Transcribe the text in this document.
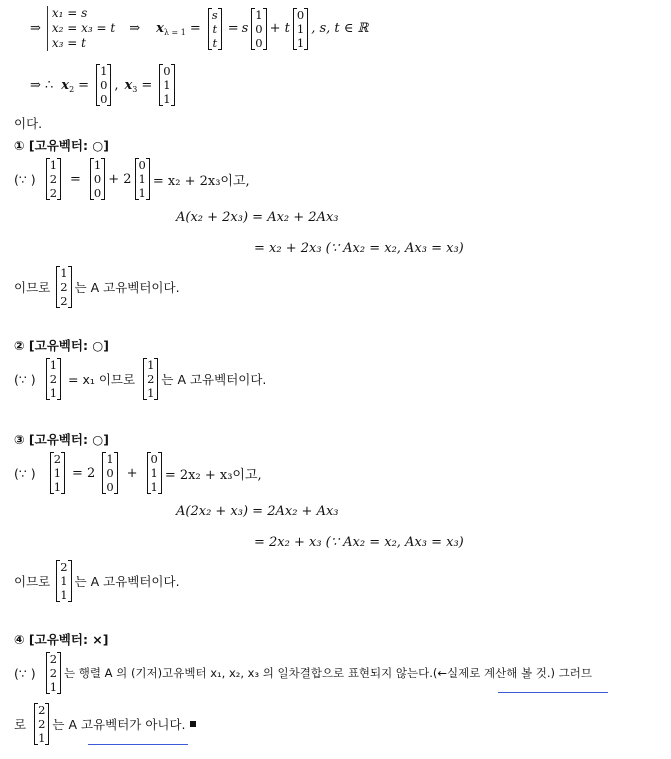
⇒
x₁ = s
x₂ = x₃ = t
x₃ = t
⇒ x λ = 1 =
s
t
t
= s
1
0
0
+ t
0
1
1
, s, t ∈ ℝ
⇒ ∴ x 2 =
1
0
0
, x 3 =
0
1
1
이다.
① [고유벡터: ○]
(∵ )
1
2
2
=
1
0
0
+ 2
0
1
1
= x₂ + 2x₃이고,
A(x₂ + 2x₃) = Ax₂ + 2Ax₃
= x₂ + 2x₃ (∵ Ax₂ = x₂, Ax₃ = x₃)
이므로
1
2
2
는 A 고유벡터이다.
② [고유벡터: ○]
(∵ )
1
2
1
= x₁ 이므로
1
2
1
는 A 고유벡터이다.
③ [고유벡터: ○]
(∵ )
2
1
1
= 2
1
0
0
+
0
1
1
= 2x₂ + x₃이고,
A(2x₂ + x₃) = 2Ax₂ + Ax₃
= 2x₂ + x₃ (∵ Ax₂ = x₂, Ax₃ = x₃)
이므로
2
1
1
는 A 고유벡터이다.
④ [고유벡터: ×]
(∵ )
2
2
1
는 행렬 A 의 (기저)고유벡터 x₁, x₂, x₃ 의 일차결합으로 표현되지 않는다.(←실제로 계산해 볼 것.) 그러므
로
2
2
1
는 A 고유벡터가 아니다.
